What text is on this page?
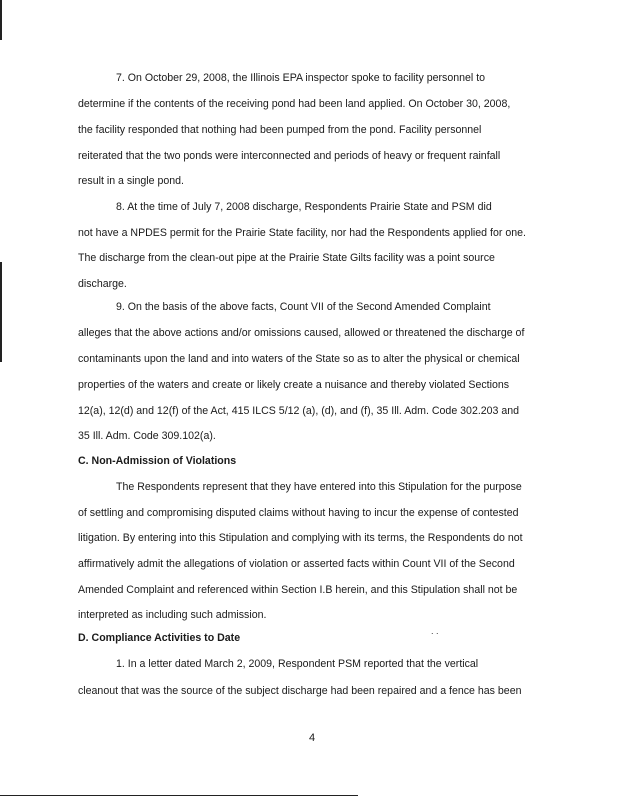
7. On October 29, 2008, the Illinois EPA inspector spoke to facility personnel to
determine if the contents of the receiving pond had been land applied. On October 30, 2008,
the facility responded that nothing had been pumped from the pond. Facility personnel
reiterated that the two ponds were interconnected and periods of heavy or frequent rainfall
result in a single pond.
8. At the time of July 7, 2008 discharge, Respondents Prairie State and PSM did
not have a NPDES permit for the Prairie State facility, nor had the Respondents applied for one.
The discharge from the clean-out pipe at the Prairie State Gilts facility was a point source
discharge.
9. On the basis of the above facts, Count VII of the Second Amended Complaint
alleges that the above actions and/or omissions caused, allowed or threatened the discharge of
contaminants upon the land and into waters of the State so as to alter the physical or chemical
properties of the waters and create or likely create a nuisance and thereby violated Sections
12(a), 12(d) and 12(f) of the Act, 415 ILCS 5/12 (a), (d), and (f), 35 Ill. Adm. Code 302.203 and
35 Ill. Adm. Code 309.102(a).
C. Non-Admission of Violations
The Respondents represent that they have entered into this Stipulation for the purpose
of settling and compromising disputed claims without having to incur the expense of contested
litigation. By entering into this Stipulation and complying with its terms, the Respondents do not
affirmatively admit the allegations of violation or asserted facts within Count VII of the Second
Amended Complaint and referenced within Section I.B herein, and this Stipulation shall not be
interpreted as including such admission.
. .
D. Compliance Activities to Date
1. In a letter dated March 2, 2009, Respondent PSM reported that the vertical
cleanout that was the source of the subject discharge had been repaired and a fence has been
4
